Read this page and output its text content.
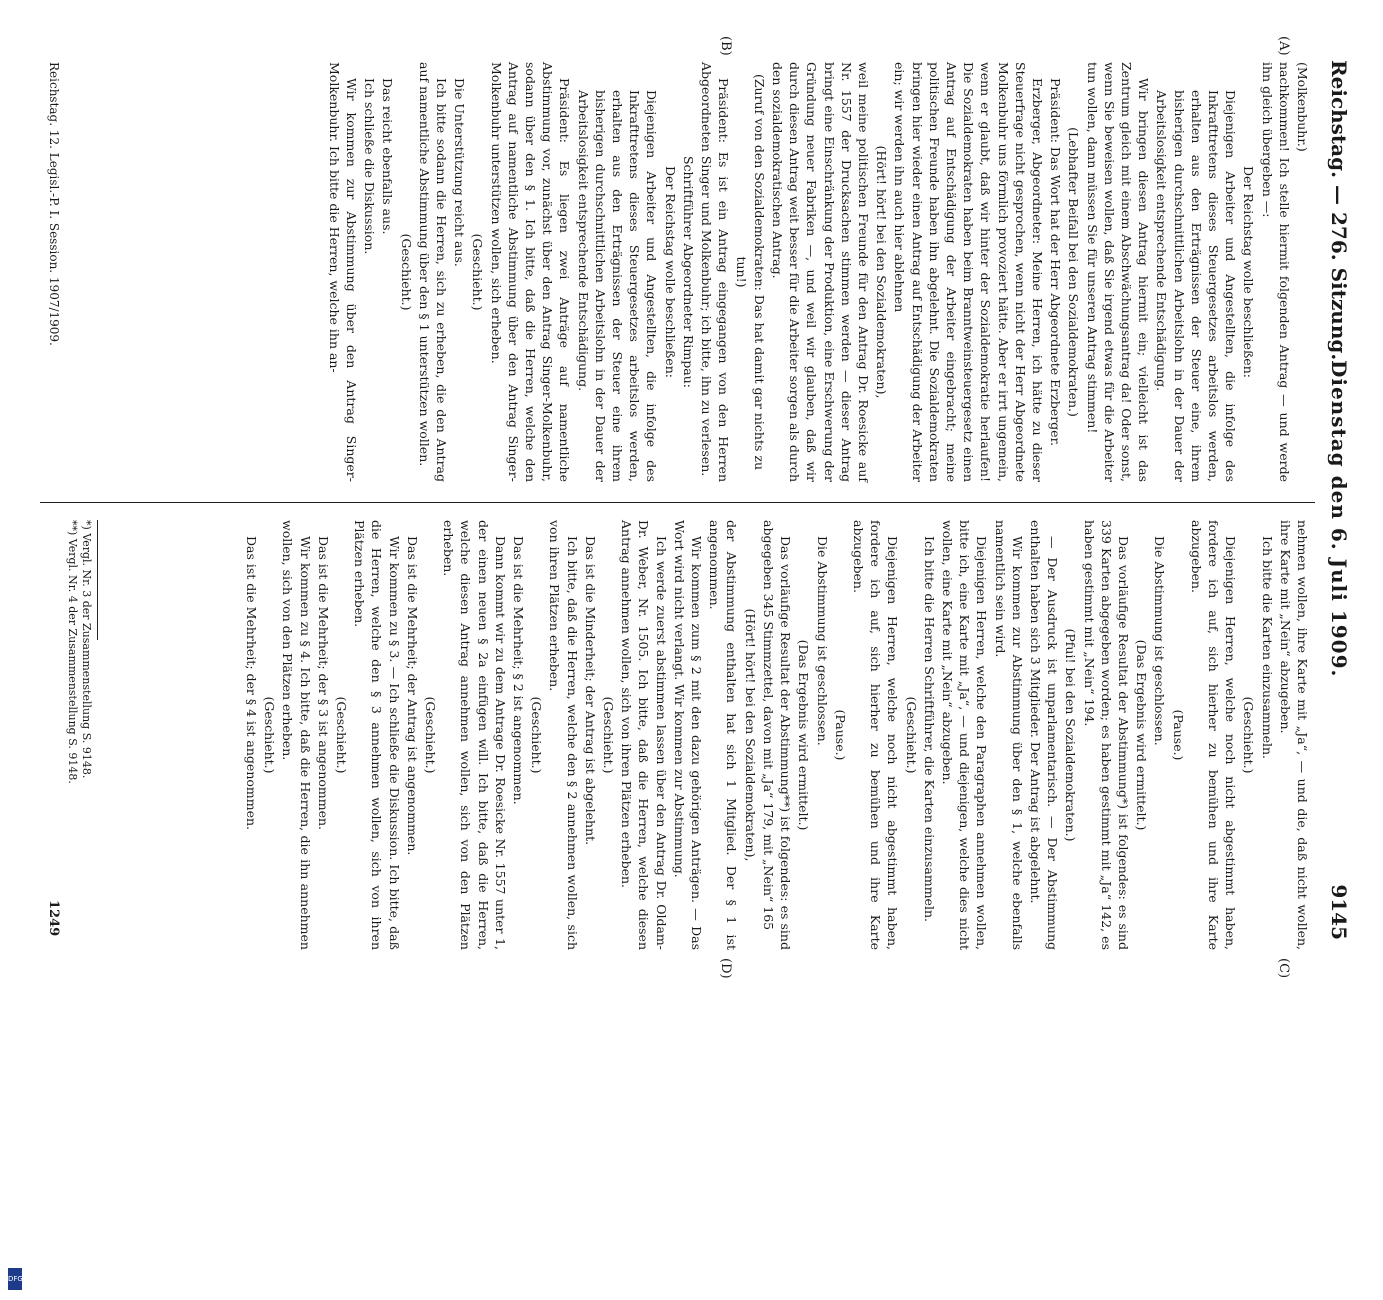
Reichstag. — 276. Sitzung.
Dienstag den 6. Juli 1909.
9145
(A)
(B)
(C)
(D)

(Molkenbuhr.)

nachkommen! Ich stelle hiermit folgenden Antrag — und werde ihn gleich übergeben —:

Der Reichstag wolle beschließen:

Diejenigen Arbeiter und Angestellten, die infolge des Inkrafttretens dieses Steuergesetzes arbeitslos werden, erhalten aus den Erträgnissen der Steuer eine, ihrem bisherigen durchschnittlichen Arbeitslohn in der Dauer der Arbeitslosigkeit entsprechende Entschädigung.

Wir bringen diesen Antrag hiermit ein; vielleicht ist das Zentrum gleich mit einem Abschwächungsantrag da! Oder sonst, wenn Sie beweisen wollen, daß Sie irgend etwas für die Arbeiter tun wollen, dann müssen Sie für unseren Antrag stimmen!

(Lebhafter Beifall bei den Sozialdemokraten.)

Präsident: Das Wort hat der Herr Abgeordnete Erzberger.

Erzberger, Abgeordneter: Meine Herren, ich hätte zu dieser Steuerfrage nicht gesprochen, wenn nicht der Herr Abgeordnete Molkenbuhr uns förmlich provoziert hätte. Aber er irrt ungemein, wenn er glaubt, daß wir hinter der Sozialdemokratie herlaufen! Die Sozialdemokraten haben beim Branntweinsteuergesetz einen Antrag auf Entschädigung der Arbeiter eingebracht; meine politischen Freunde haben ihn abgelehnt. Die Sozialdemokraten bringen hier wieder einen Antrag auf Entschädigung der Arbeiter ein; wir werden ihn auch hier ablehnen

(Hört! hört! bei den Sozialdemokraten),

weil meine politischen Freunde für den Antrag Dr. Roesicke auf Nr. 1557 der Drucksachen stimmen werden — dieser Antrag bringt eine Einschränkung der Produktion, eine Erschwerung der Gründung neuer Fabriken —, und weil wir glauben, daß wir durch diesen Antrag weit besser für die Arbeiter sorgen als durch den sozialdemokratischen Antrag.

(Zuruf von den Sozialdemokraten: Das hat damit gar nichts zu tun!)

Präsident: Es ist ein Antrag eingegangen von den Herren Abgeordneten Singer und Molkenbuhr; ich bitte, ihn zu verlesen.

Schriftführer Abgeordneter Rimpau:

Der Reichstag wolle beschließen:

Diejenigen Arbeiter und Angestellten, die infolge des Inkrafttretens dieses Steuergesetzes arbeitslos werden, erhalten aus den Erträgnissen der Steuer eine ihrem bisherigen durchschnittlichen Arbeitslohn in der Dauer der Arbeitslosigkeit entsprechende Entschädigung.

Präsident: Es liegen zwei Anträge auf namentliche Abstimmung vor, zunächst über den Antrag Singer-Molkenbuhr, sodann über den § 1. Ich bitte, daß die Herren, welche den Antrag auf namentliche Abstimmung über den Antrag Singer-Molkenbuhr unterstützen wollen, sich erheben.

(Geschieht.)

Die Unterstützung reicht aus.

Ich bitte sodann die Herren, sich zu erheben, die den Antrag auf namentliche Abstimmung über den § 1 unterstützen wollen.

(Geschieht.)

Das reicht ebenfalls aus.

Ich schließe die Diskussion.

Wir kommen zur Abstimmung über den Antrag Singer-Molkenbuhr. Ich bitte die Herren, welche ihn an-

nehmen wollen, ihre Karte mit „Ja“, — und die, daß nicht wollen, ihre Karte mit „Nein“ abzugeben.

Ich bitte die Karten einzusammeln.

(Geschieht.)

Diejenigen Herren, welche noch nicht abgestimmt haben, fordere ich auf, sich hierher zu bemühen und ihre Karte abzugeben.

(Pause.)

Die Abstimmung ist geschlossen.

(Das Ergebnis wird ermittelt.)

Das vorläufige Resultat der Abstimmung*) ist folgendes: es sind 339 Karten abgegeben worden; es haben gestimmt mit „Ja“ 142, es haben gestimmt mit „Nein“ 194.

(Pfui! bei den Sozialdemokraten.)

— Der Ausdruck ist unparlamentarisch. — Der Abstimmung enthalten haben sich 3 Mitglieder. Der Antrag ist abgelehnt.

Wir kommen zur Abstimmung über den § 1, welche ebenfalls namentlich sein wird.

Diejenigen Herren, welche den Paragraphen annehmen wollen, bitte ich, eine Karte mit „Ja“, — und diejenigen, welche dies nicht wollen, eine Karte mit „Nein“ abzugeben.

Ich bitte die Herren Schriftführer, die Karten einzusammeln.

(Geschieht.)

Diejenigen Herren, welche noch nicht abgestimmt haben, fordere ich auf, sich hierher zu bemühen und ihre Karte abzugeben.

(Pause.)

Die Abstimmung ist geschlossen.

(Das Ergebnis wird ermittelt.)

Das vorläufige Resultat der Abstimmung**) ist folgendes: es sind abgegeben 345 Stimmzettel, davon mit „Ja“ 179, mit „Nein“ 165

(Hört! hört! bei den Sozialdemokraten),

der Abstimmung enthalten hat sich 1 Mitglied. Der § 1 ist angenommen.

Wir kommen zum § 2 mit den dazu gehörigen Anträgen. — Das Wort wird nicht verlangt. Wir kommen zur Abstimmung.

Ich werde zuerst abstimmen lassen über den Antrag Dr. Oldam-Dr. Weber, Nr. 1505. Ich bitte, daß die Herren, welche diesen Antrag annehmen wollen, sich von ihren Plätzen erheben.

(Geschieht.)

Das ist die Minderheit; der Antrag ist abgelehnt.

Ich bitte, daß die Herren, welche den § 2 annehmen wollen, sich von ihren Plätzen erheben.

(Geschieht.)

Das ist die Mehrheit; § 2 ist angenommen.

Dann kommt wir zu dem Antrage Dr. Roesicke Nr. 1557 unter 1, der einen neuen § 2a einfügen will. Ich bitte, daß die Herren, welche diesen Antrag annehmen wollen, sich von den Plätzen erheben.

(Geschieht.)

Das ist die Mehrheit; der Antrag ist angenommen.

Wir kommen zu § 3. — Ich schließe die Diskussion. Ich bitte, daß die Herren, welche den § 3 annehmen wollen, sich von ihren Plätzen erheben.

(Geschieht.)

Das ist die Mehrheit; der § 3 ist angenommen.

Wir kommen zu § 4. Ich bitte, daß die Herren, die ihn annehmen wollen, sich von den Plätzen erheben.

(Geschieht.)

Das ist die Mehrheit; der § 4 ist angenommen.

*) Vergl. Nr. 3 der Zusammenstellung S. 9148.
**) Vergl. Nr. 4 der Zusammenstellung S. 9148.
Reichstag. 12. Legisl.-P. I. Session. 1907/1909.
1249
DFG
